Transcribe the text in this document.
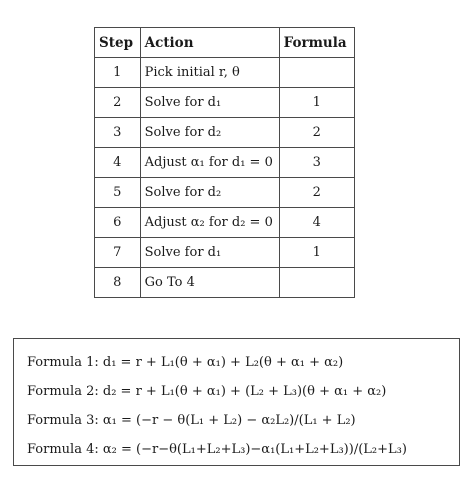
Step	Action	Formula
1	Pick initial r, θ	
2	Solve for d₁	1
3	Solve for d₂	2
4	Adjust α₁ for d₁ = 0	3
5	Solve for d₂	2
6	Adjust α₂ for d₂ = 0	4
7	Solve for d₁	1
8	Go To 4	
Formula 1: d₁ = r + L₁(θ + α₁) + L₂(θ + α₁ + α₂)
Formula 2: d₂ = r + L₁(θ + α₁) + (L₂ + L₃)(θ + α₁ + α₂)
Formula 3: α₁ = (−r − θ(L₁ + L₂) − α₂L₂)/(L₁ + L₂)
Formula 4: α₂ = (−r−θ(L₁+L₂+L₃)−α₁(L₁+L₂+L₃))/(L₂+L₃)
